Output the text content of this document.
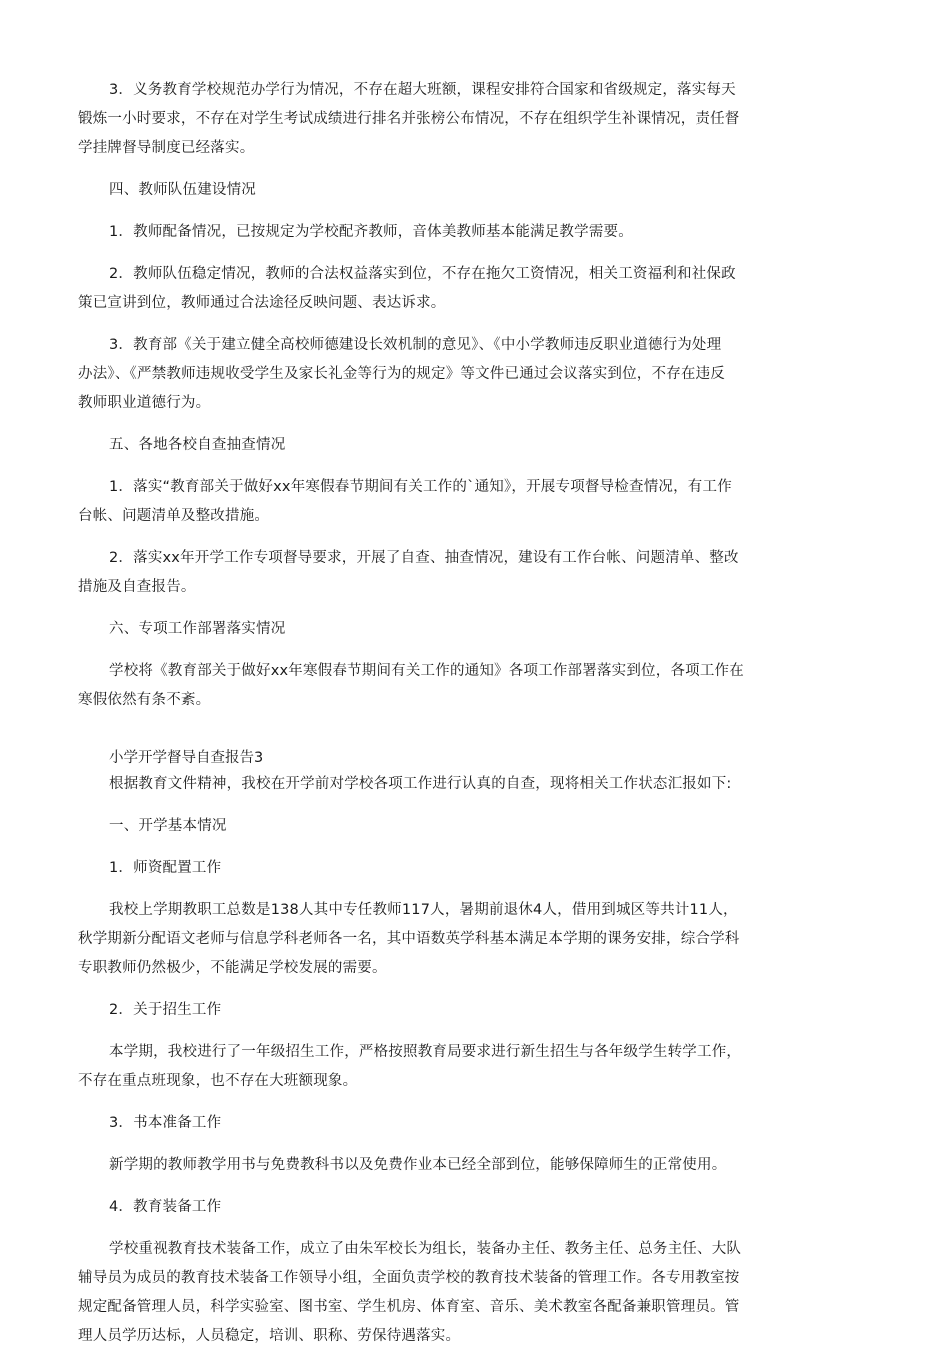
3．义务教育学校规范办学行为情况，不存在超大班额，课程安排符合国家和省级规定，落实每天
锻炼一小时要求，不存在对学生考试成绩进行排名并张榜公布情况，不存在组织学生补课情况，责任督
学挂牌督导制度已经落实。

四、教师队伍建设情况

1．教师配备情况，已按规定为学校配齐教师，音体美教师基本能满足教学需要。

2．教师队伍稳定情况，教师的合法权益落实到位，不存在拖欠工资情况，相关工资福利和社保政
策已宣讲到位，教师通过合法途径反映问题、表达诉求。

3．教育部《关于建立健全高校师德建设长效机制的意见》、《中小学教师违反职业道德行为处理
办法》、《严禁教师违规收受学生及家长礼金等行为的规定》等文件已通过会议落实到位，不存在违反
教师职业道德行为。

五、各地各校自查抽查情况

1．落实“教育部关于做好xx年寒假春节期间有关工作的`通知》，开展专项督导检查情况，有工作
台帐、问题清单及整改措施。

2．落实xx年开学工作专项督导要求，开展了自查、抽查情况，建设有工作台帐、问题清单、整改
措施及自查报告。

六、专项工作部署落实情况

学校将《教育部关于做好xx年寒假春节期间有关工作的通知》各项工作部署落实到位，各项工作在
寒假依然有条不紊。

小学开学督导自查报告3

根据教育文件精神，我校在开学前对学校各项工作进行认真的自查，现将相关工作状态汇报如下:

一、开学基本情况

1．师资配置工作

我校上学期教职工总数是138人其中专任教师117人，暑期前退休4人，借用到城区等共计11人，
秋学期新分配语文老师与信息学科老师各一名，其中语数英学科基本满足本学期的课务安排，综合学科
专职教师仍然极少，不能满足学校发展的需要。

2．关于招生工作

本学期，我校进行了一年级招生工作，严格按照教育局要求进行新生招生与各年级学生转学工作，
不存在重点班现象，也不存在大班额现象。

3．书本准备工作

新学期的教师教学用书与免费教科书以及免费作业本已经全部到位，能够保障师生的正常使用。

4．教育装备工作

学校重视教育技术装备工作，成立了由朱军校长为组长，装备办主任、教务主任、总务主任、大队
辅导员为成员的教育技术装备工作领导小组，全面负责学校的教育技术装备的管理工作。各专用教室按
规定配备管理人员，科学实验室、图书室、学生机房、体育室、音乐、美术教室各配备兼职管理员。管
理人员学历达标，人员稳定，培训、职称、劳保待遇落实。
